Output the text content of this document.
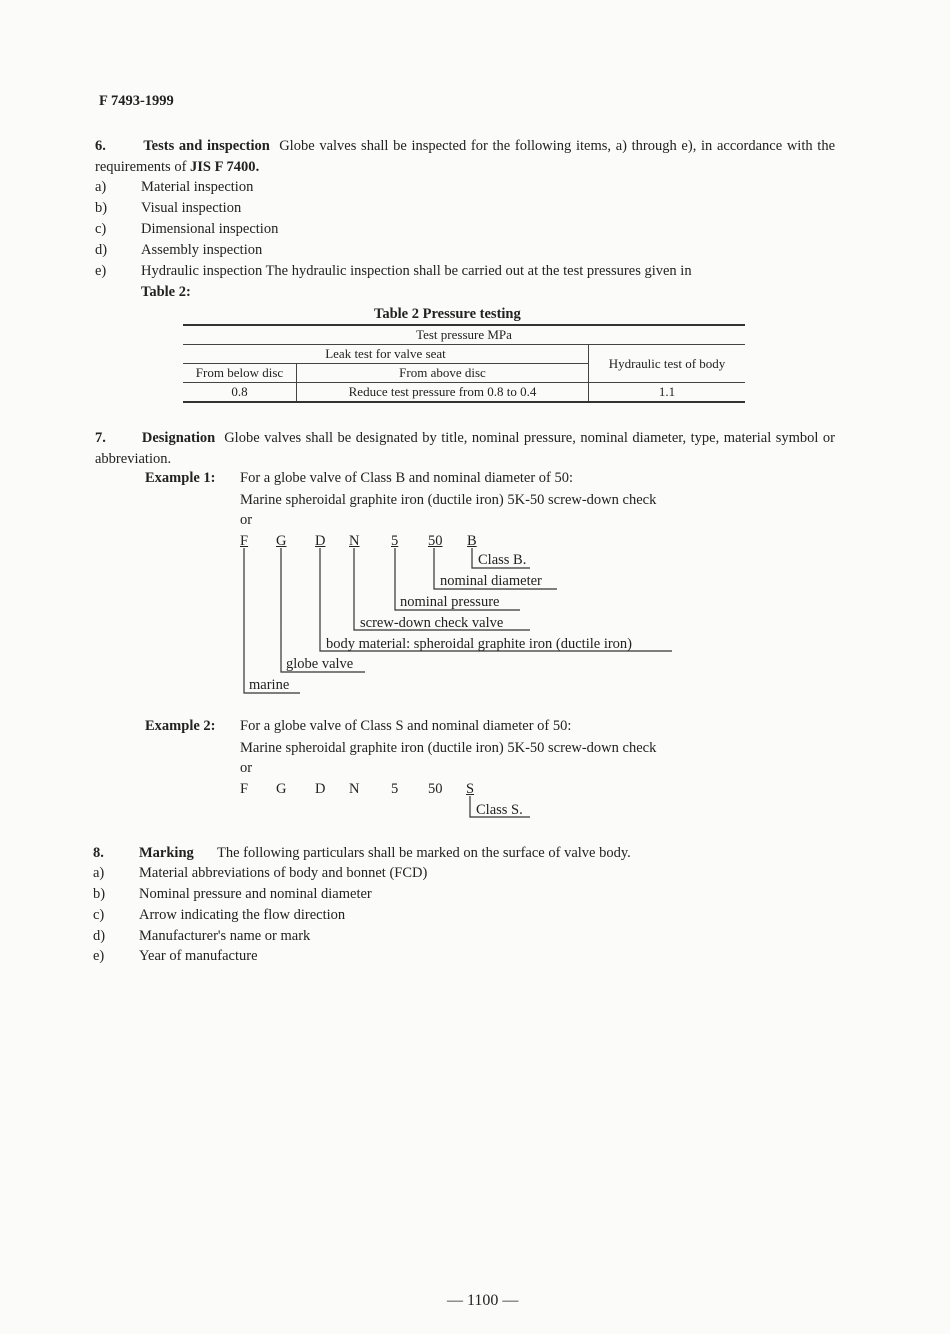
F 7493-1999
6.	Tests and inspection Globe valves shall be inspected for the following items, a) through e), in accordance with the requirements of JIS F 7400.
a) Material inspection
b) Visual inspection
c) Dimensional inspection
d) Assembly inspection
e) Hydraulic inspection The hydraulic inspection shall be carried out at the test pressures given in
Table 2:
Table 2 Pressure testing
Test pressure MPa		
Leak test for valve seat		Hydraulic test of body
From below disc	From above disc	
0.8	Reduce test pressure from 0.8 to 0.4	1.1
7. Designation Globe valves shall be designated by title, nominal pressure, nominal diameter, type, material symbol or abbreviation.
Example 1: For a globe valve of Class B and nominal diameter of 50:
Marine spheroidal graphite iron (ductile iron) 5K-50 screw-down check
or
F G D N 5 50 B
Class B.
nominal diameter
nominal pressure
screw-down check valve
body material: spheroidal graphite iron (ductile iron)
globe valve
marine
Example 2: For a globe valve of Class S and nominal diameter of 50:
Marine spheroidal graphite iron (ductile iron) 5K-50 screw-down check
or
F G D N 5 50 S
Class S.
8. Marking The following particulars shall be marked on the surface of valve body.
a) Material abbreviations of body and bonnet (FCD)
b) Nominal pressure and nominal diameter
c) Arrow indicating the flow direction
d) Manufacturer's name or mark
e) Year of manufacture
— 1100 —
